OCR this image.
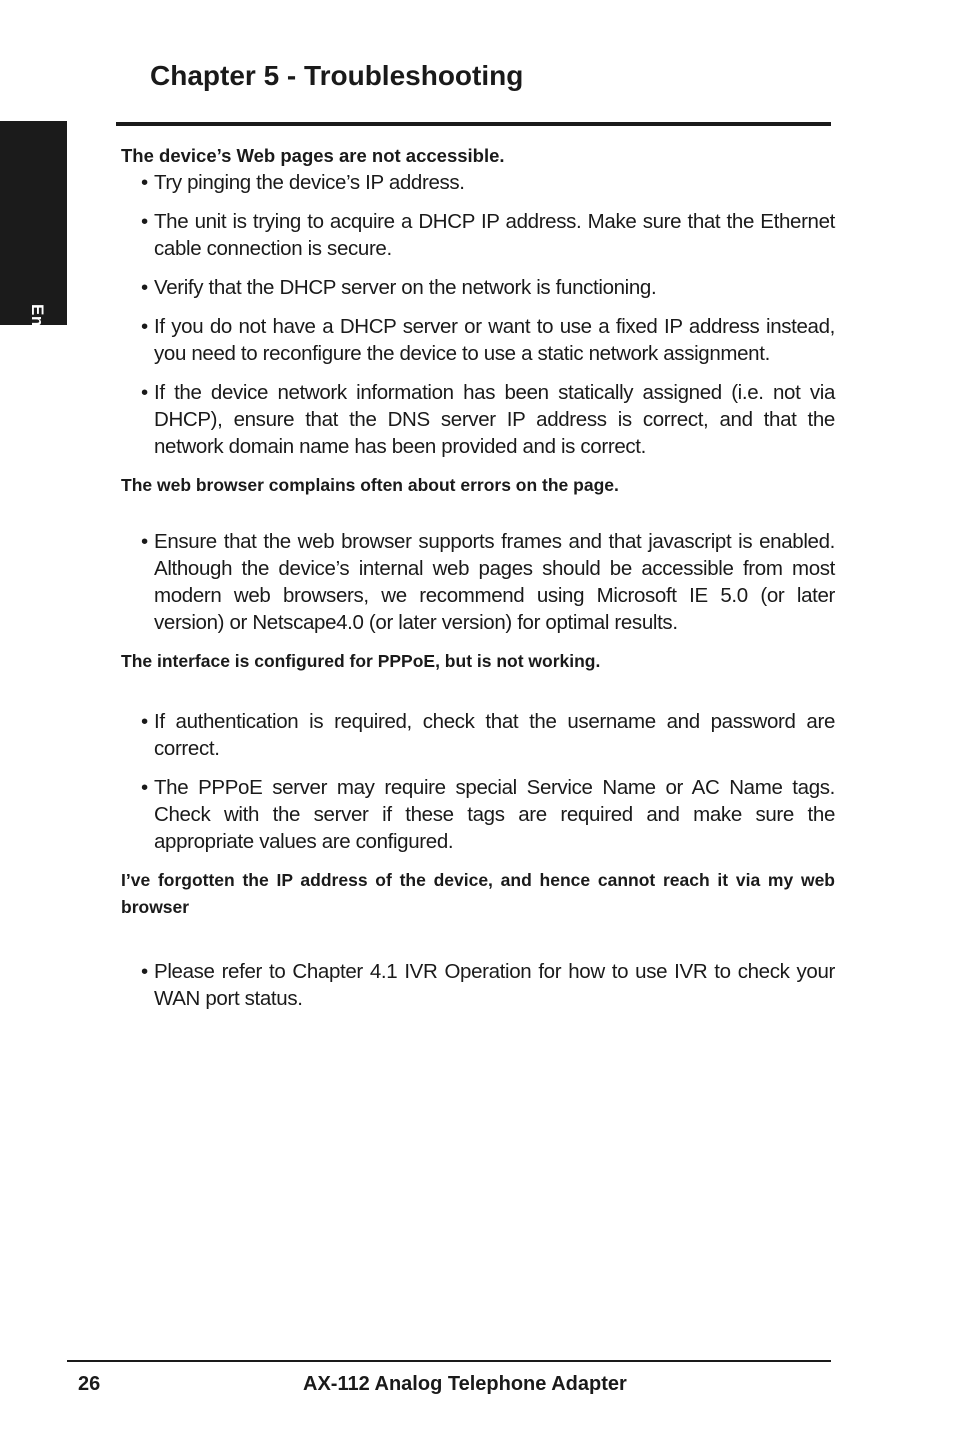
English
Chapter 5 - Troubleshooting

The device’s Web pages are not accessible.

• Try pinging the device’s IP address.
• The unit is trying to acquire a DHCP IP address. Make sure that the Ethernet cable connection is secure.
• Verify that the DHCP server on the network is functioning.
• If you do not have a DHCP server or want to use a fixed IP address instead, you need to reconfigure the device to use a static network assignment.
• If the device network information has been statically assigned (i.e. not via DHCP), ensure that the DNS server IP address is correct, and that the network domain name has been provided and is correct.

The web browser complains often about errors on the page.

• Ensure that the web browser supports frames and that javascript is enabled. Although the device’s internal web pages should be accessible from most modern web browsers, we recommend using Microsoft IE 5.0 (or later version) or Netscape4.0 (or later version) for optimal results.

The interface is configured for PPPoE, but is not working.

• If authentication is required, check that the username and password are correct.
• The PPPoE server may require special Service Name or AC Name tags. Check with the server if these tags are required and make sure the appropriate values are configured.

I’ve forgotten the IP address of the device, and hence cannot reach it via my web browser

• Please refer to Chapter 4.1 IVR Operation for how to use IVR to check your WAN port status.
26	AX-112 Analog Telephone Adapter
